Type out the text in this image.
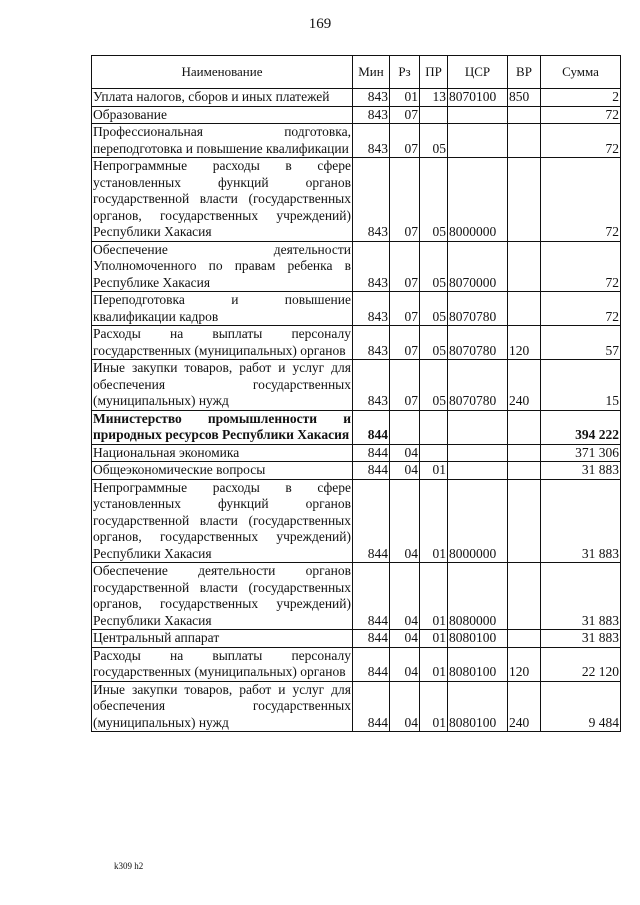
169
Наименование	Мин	Рз	ПР	ЦСР	ВР	Сумма
Уплата налогов, сборов и иных платежей	843	01	13	8070100	850	2
Образование	843	07				72
Профессиональная подготовка, переподготовка и повышение квалификации	843	07	05			72
Непрограммные расходы в сфере установленных функций органов государственной власти (государственных органов, государственных учреждений) Республики Хакасия	843	07	05	8000000		72
Обеспечение деятельности Уполномоченного по правам ребенка в Республике Хакасия	843	07	05	8070000		72
Переподготовка и повышение квалификации кадров	843	07	05	8070780		72
Расходы на выплаты персоналу государственных (муниципальных) органов	843	07	05	8070780	120	57
Иные закупки товаров, работ и услуг для обеспечения государственных (муниципальных) нужд	843	07	05	8070780	240	15
Министерство промышленности и природных ресурсов Республики Хакасия	844					394 222
Национальная экономика	844	04				371 306
Общеэкономические вопросы	844	04	01			31 883
Непрограммные расходы в сфере установленных функций органов государственной власти (государственных органов, государственных учреждений) Республики Хакасия	844	04	01	8000000		31 883
Обеспечение деятельности органов государственной власти (государственных органов, государственных учреждений) Республики Хакасия	844	04	01	8080000		31 883
Центральный аппарат	844	04	01	8080100		31 883
Расходы на выплаты персоналу государственных (муниципальных) органов	844	04	01	8080100	120	22 120
Иные закупки товаров, работ и услуг для обеспечения государственных (муниципальных) нужд	844	04	01	8080100	240	9 484
k309 h2
